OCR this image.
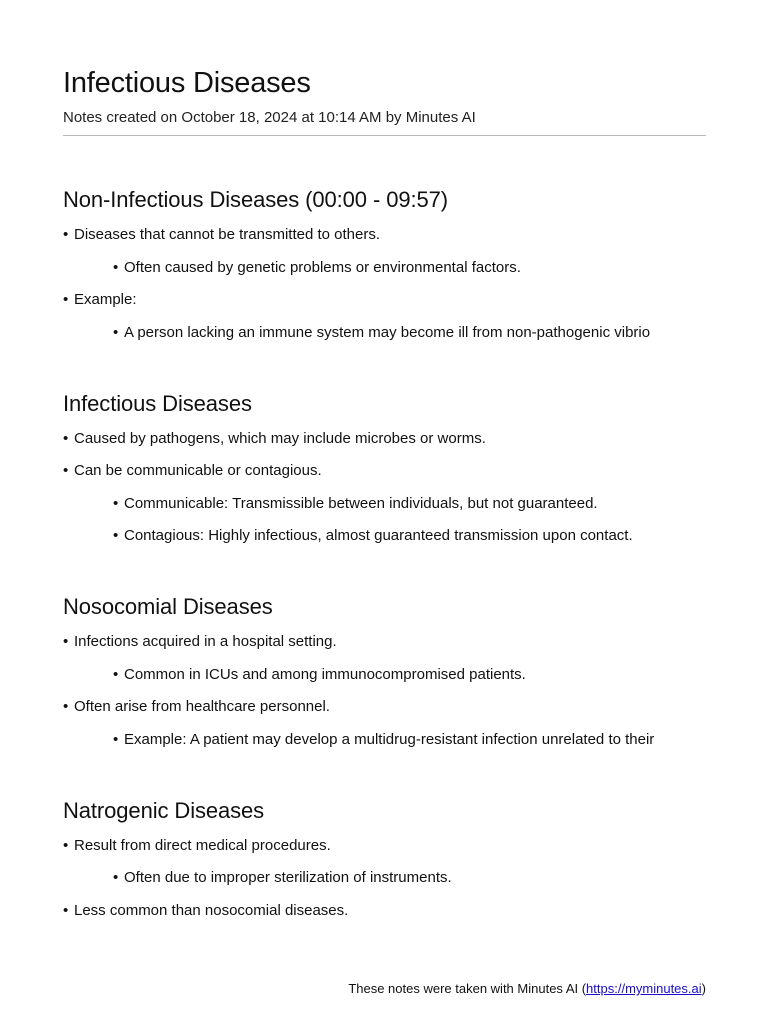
Infectious Diseases
Notes created on October 18, 2024 at 10:14 AM by Minutes AI
Non-Infectious Diseases (00:00 - 09:57)
• Diseases that cannot be transmitted to others.
• Often caused by genetic problems or environmental factors.
• Example:
• A person lacking an immune system may become ill from non-pathogenic vibrio
Infectious Diseases
• Caused by pathogens, which may include microbes or worms.
• Can be communicable or contagious.
• Communicable: Transmissible between individuals, but not guaranteed.
• Contagious: Highly infectious, almost guaranteed transmission upon contact.
Nosocomial Diseases
• Infections acquired in a hospital setting.
• Common in ICUs and among immunocompromised patients.
• Often arise from healthcare personnel.
• Example: A patient may develop a multidrug-resistant infection unrelated to their
Natrogenic Diseases
• Result from direct medical procedures.
• Often due to improper sterilization of instruments.
• Less common than nosocomial diseases.
These notes were taken with Minutes AI (https://myminutes.ai)
